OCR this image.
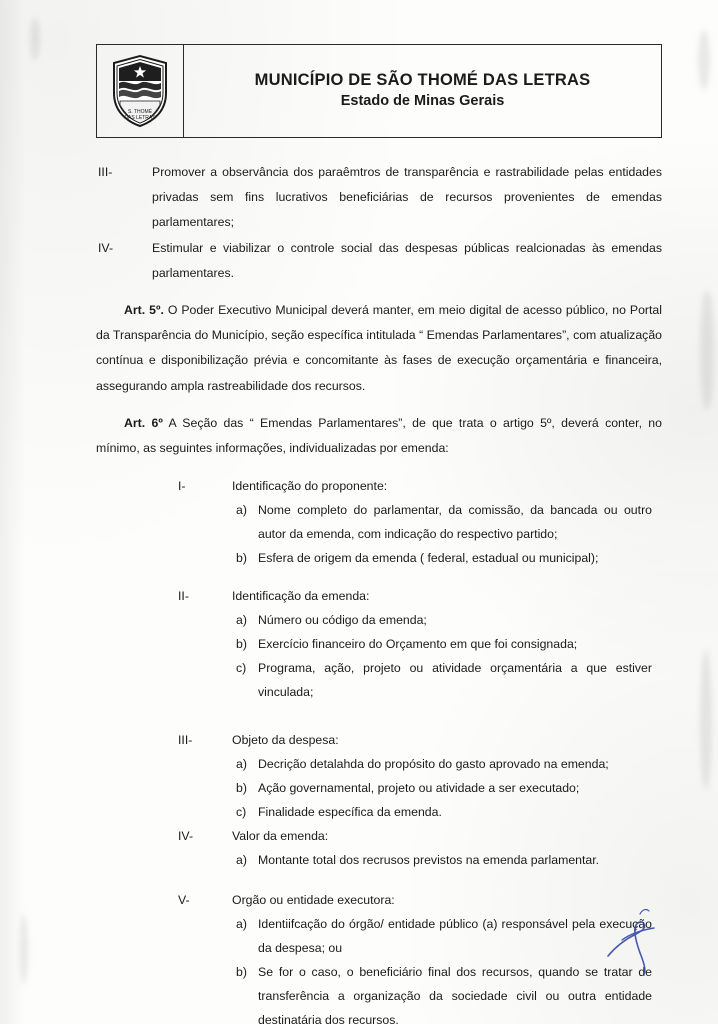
S. THOMÉ
DAS LETRAS
MUNICÍPIO DE SÃO THOMÉ DAS LETRAS
Estado de Minas Gerais
III-	Promover a observância dos paraêmtros de transparência e rastrabilidade pelas entidades privadas sem fins lucrativos beneficiárias de recursos provenientes de emendas parlamentares;
IV-	Estimular e viabilizar o controle social das despesas públicas realcionadas às emendas parlamentares.

Art. 5º. O Poder Executivo Municipal deverá manter, em meio digital de acesso público, no Portal da Transparência do Município, seção específica intitulada “ Emendas Parlamentares”, com atualização contínua e disponibilização prévia e concomitante às fases de execução orçamentária e financeira, assegurando ampla rastreabilidade dos recursos.

Art. 6º A Seção das “ Emendas Parlamentares”, de que trata o artigo 5º, deverá conter, no mínimo, as seguintes informações, individualizadas por emenda:

I-	Identificação do proponente:
a) Nome completo do parlamentar, da comissão, da bancada ou outro autor da emenda, com indicação do respectivo partido;
b) Esfera de origem da emenda ( federal, estadual ou municipal);
II-	Identificação da emenda:
a) Número ou código da emenda;
b) Exercício financeiro do Orçamento em que foi consignada;
c) Programa, ação, projeto ou atividade orçamentária a que estiver vinculada;
III-	Objeto da despesa:
a) Decrição detalahda do propósito do gasto aprovado na emenda;
b) Ação governamental, projeto ou atividade a ser executado;
c) Finalidade específica da emenda.
IV-	Valor da emenda:
a) Montante total dos recrusos previstos na emenda parlamentar.
V-	Orgão ou entidade executora:
a) Identiifcação do órgão/ entidade público (a) responsável pela execução da despesa; ou
b) Se for o caso, o beneficiário final dos recursos, quando se tratar de transferência a organização da sociedade civil ou outra entidade destinatária dos recursos.
